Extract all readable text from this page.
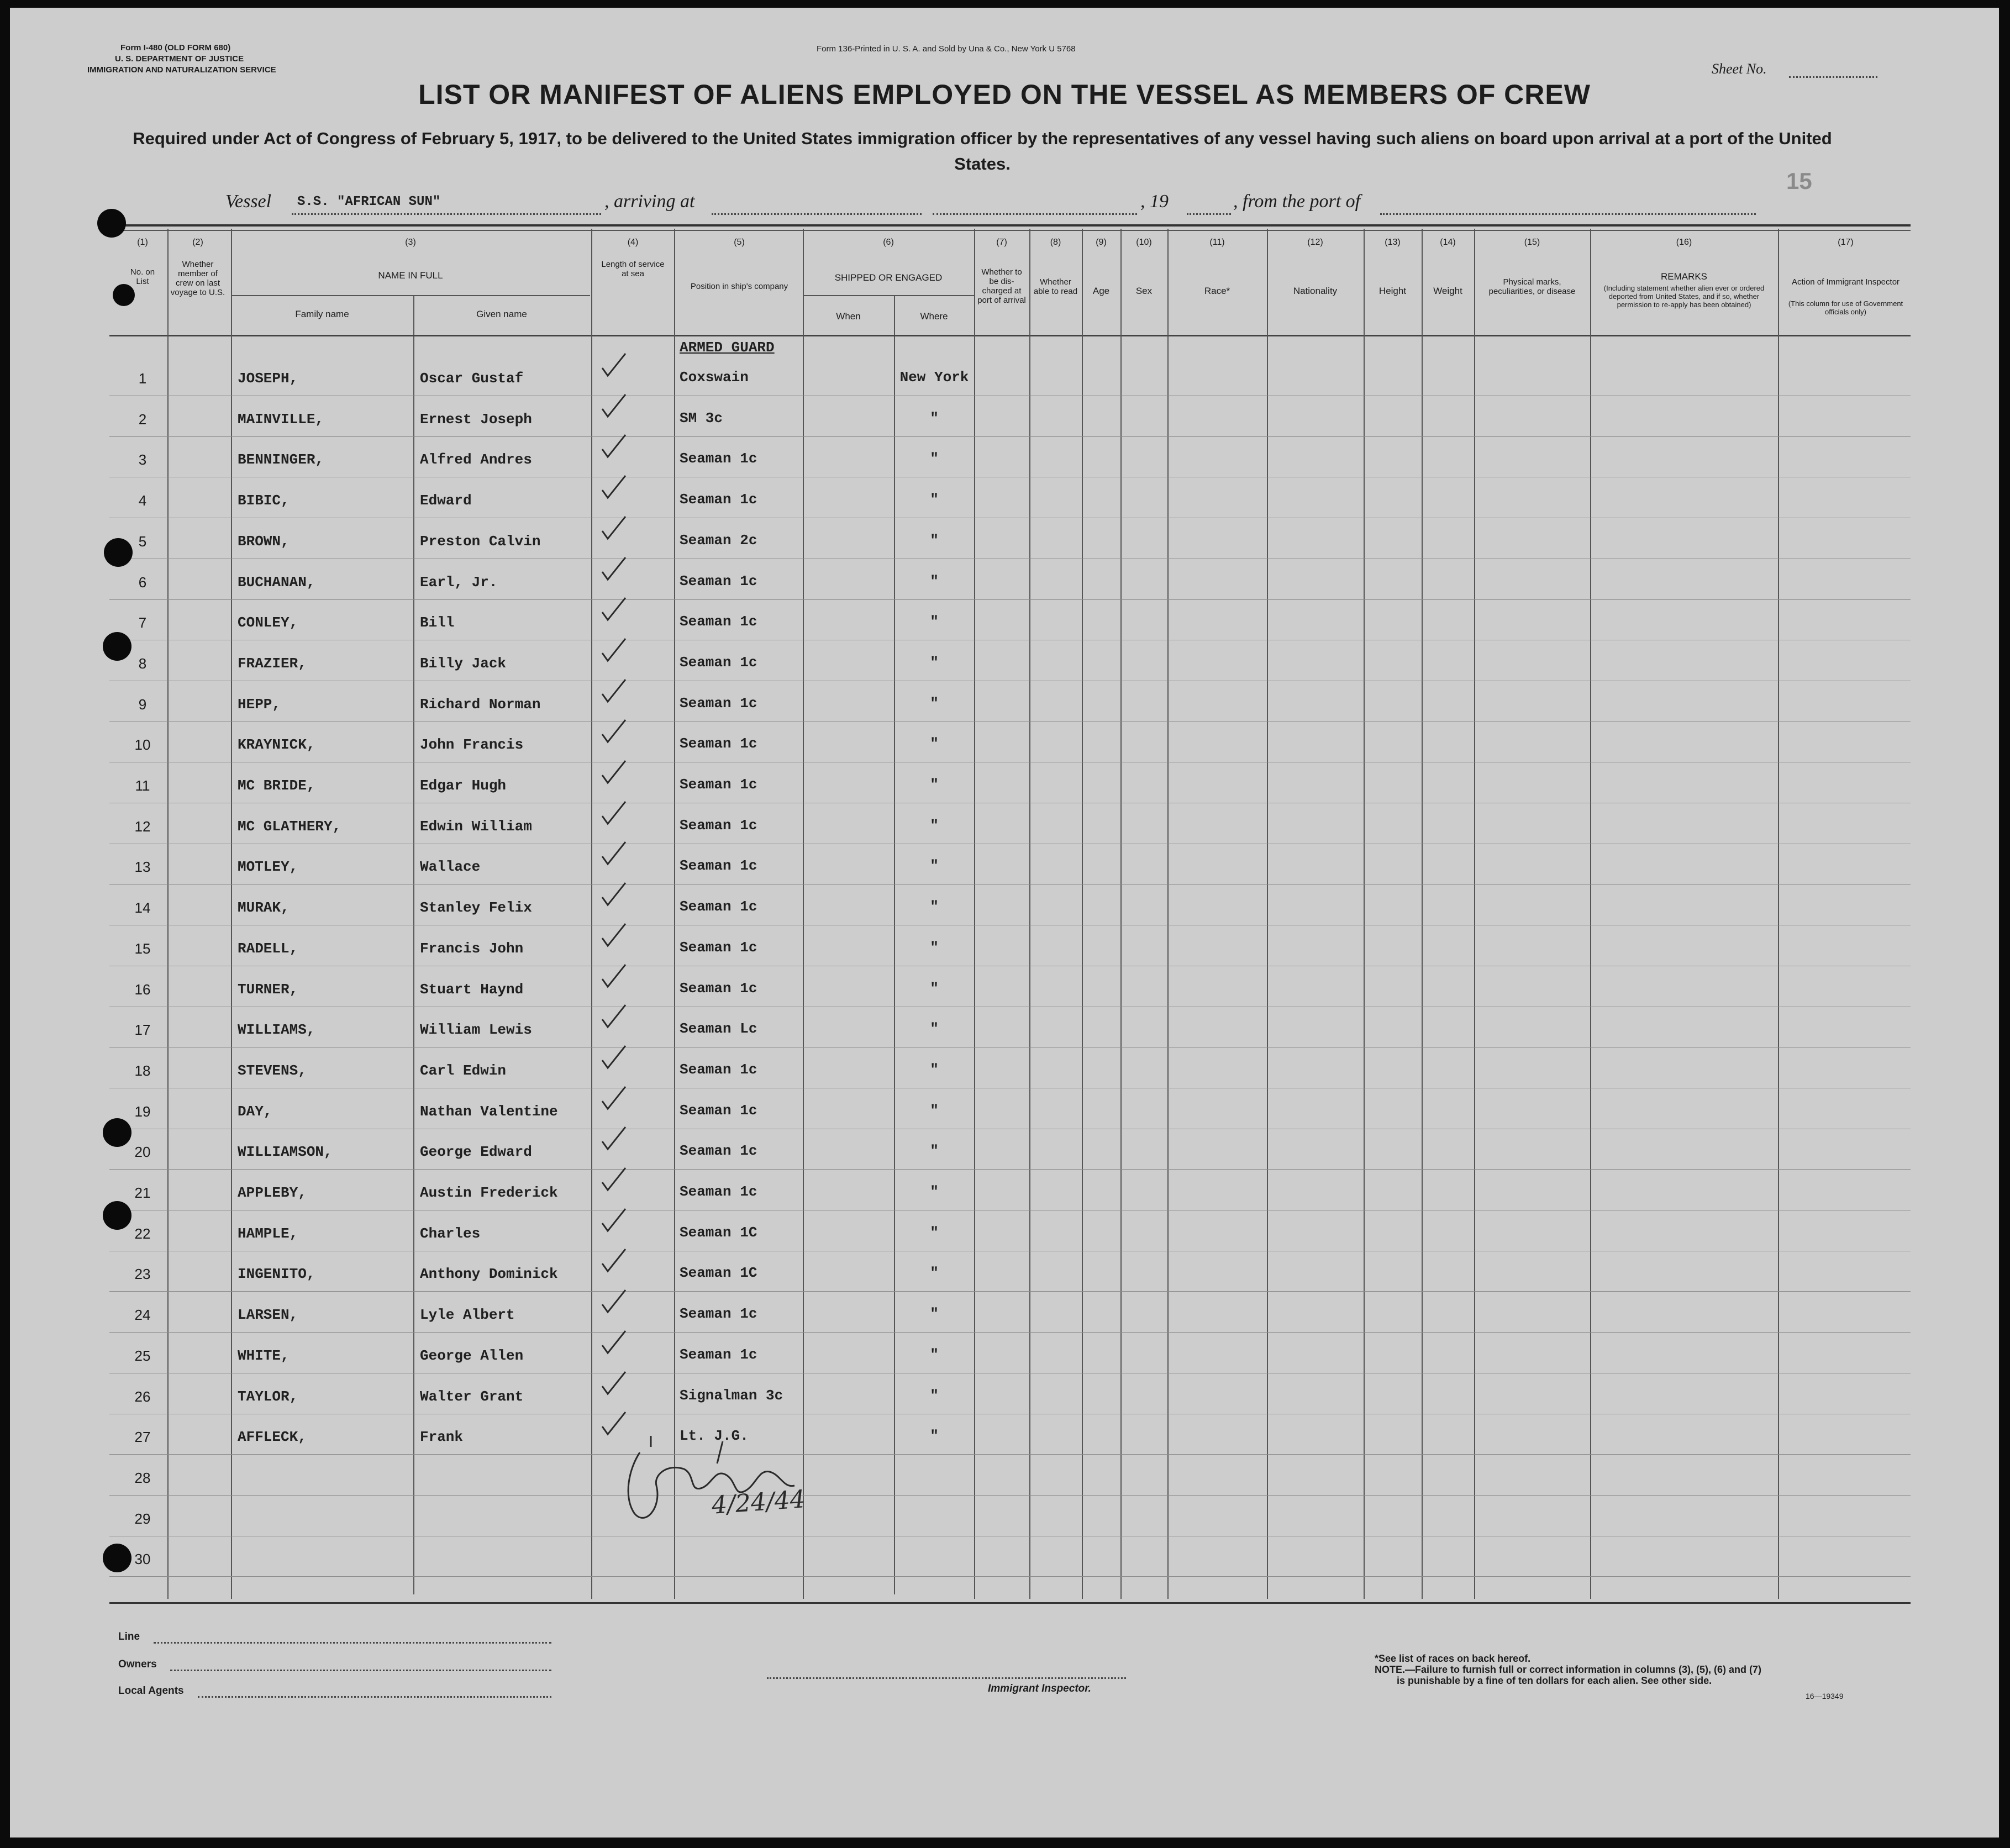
Form I-480 (OLD FORM 680)
U. S. DEPARTMENT OF JUSTICE
IMMIGRATION AND NATURALIZATION SERVICE
Form 136-Printed in U. S. A. and Sold by Una & Co., New York U 5768
Sheet No.
15
LIST OR MANIFEST OF ALIENS EMPLOYED ON THE VESSEL AS MEMBERS OF CREW
Required under Act of Congress of February 5, 1917, to be delivered to the United States immigration officer by the representatives of any vessel having such aliens on board upon arrival at a port of the United States.
Vessel S.S. "AFRICAN SUN"	, arriving at	, 19	, from the port of
(1)
No. on List
(2)
Whether member of crew on last voyage to U.S.
(3)
NAME IN FULL
Family name	Given name
(4)
Length of service at sea
(5)
Position in ship's company
(6)
SHIPPED OR ENGAGED
When	Where
(7)
Whether to be dis-charged at port of arrival
(8)
Whether able to read
(9)
Age
(10)
Sex
(11)
Race*
(12)
Nationality
(13)
Height
(14)
Weight
(15)
Physical marks, peculiarities, or disease
(16)
REMARKS
(Including statement whether alien ever or ordered deported from United States, and if so, whether permission to re-apply has been obtained)
(17)
Action of Immigrant Inspector
(This column for use of Government officials only)
ARMED GUARD
1	JOSEPH,	Oscar Gustaf	Coxswain	New York
2	MAINVILLE,	Ernest Joseph	SM 3c	"
3	BENNINGER,	Alfred Andres	Seaman 1c	"
4	BIBIC,	Edward	Seaman 1c	"
5	BROWN,	Preston Calvin	Seaman 2c	"
6	BUCHANAN,	Earl, Jr.	Seaman 1c	"
7	CONLEY,	Bill	Seaman 1c	"
8	FRAZIER,	Billy Jack	Seaman 1c	"
9	HEPP,	Richard Norman	Seaman 1c	"
10	KRAYNICK,	John Francis	Seaman 1c	"
11	MC BRIDE,	Edgar Hugh	Seaman 1c	"
12	MC GLATHERY,	Edwin William	Seaman 1c	"
13	MOTLEY,	Wallace	Seaman 1c	"
14	MURAK,	Stanley Felix	Seaman 1c	"
15	RADELL,	Francis John	Seaman 1c	"
16	TURNER,	Stuart Haynd	Seaman 1c	"
17	WILLIAMS,	William Lewis	Seaman Lc	"
18	STEVENS,	Carl Edwin	Seaman 1c	"
19	DAY,	Nathan Valentine	Seaman 1c	"
20	WILLIAMSON,	George Edward	Seaman 1c	"
21	APPLEBY,	Austin Frederick	Seaman 1c	"
22	HAMPLE,	Charles	Seaman 1C	"
23	INGENITO,	Anthony Dominick	Seaman 1C	"
24	LARSEN,	Lyle Albert	Seaman 1c	"
25	WHITE,	George Allen	Seaman 1c	"
26	TAYLOR,	Walter Grant	Signalman 3c	"
27	AFFLECK,	Frank	Lt. J.G.	"
28
29
30
4/24/44
Line
Owners
Local Agents	Immigrant Inspector.
*See list of races on back hereof.
NOTE.—Failure to furnish full or correct information in columns (3), (5), (6) and (7)
is punishable by a fine of ten dollars for each alien. See other side.
16—19349
